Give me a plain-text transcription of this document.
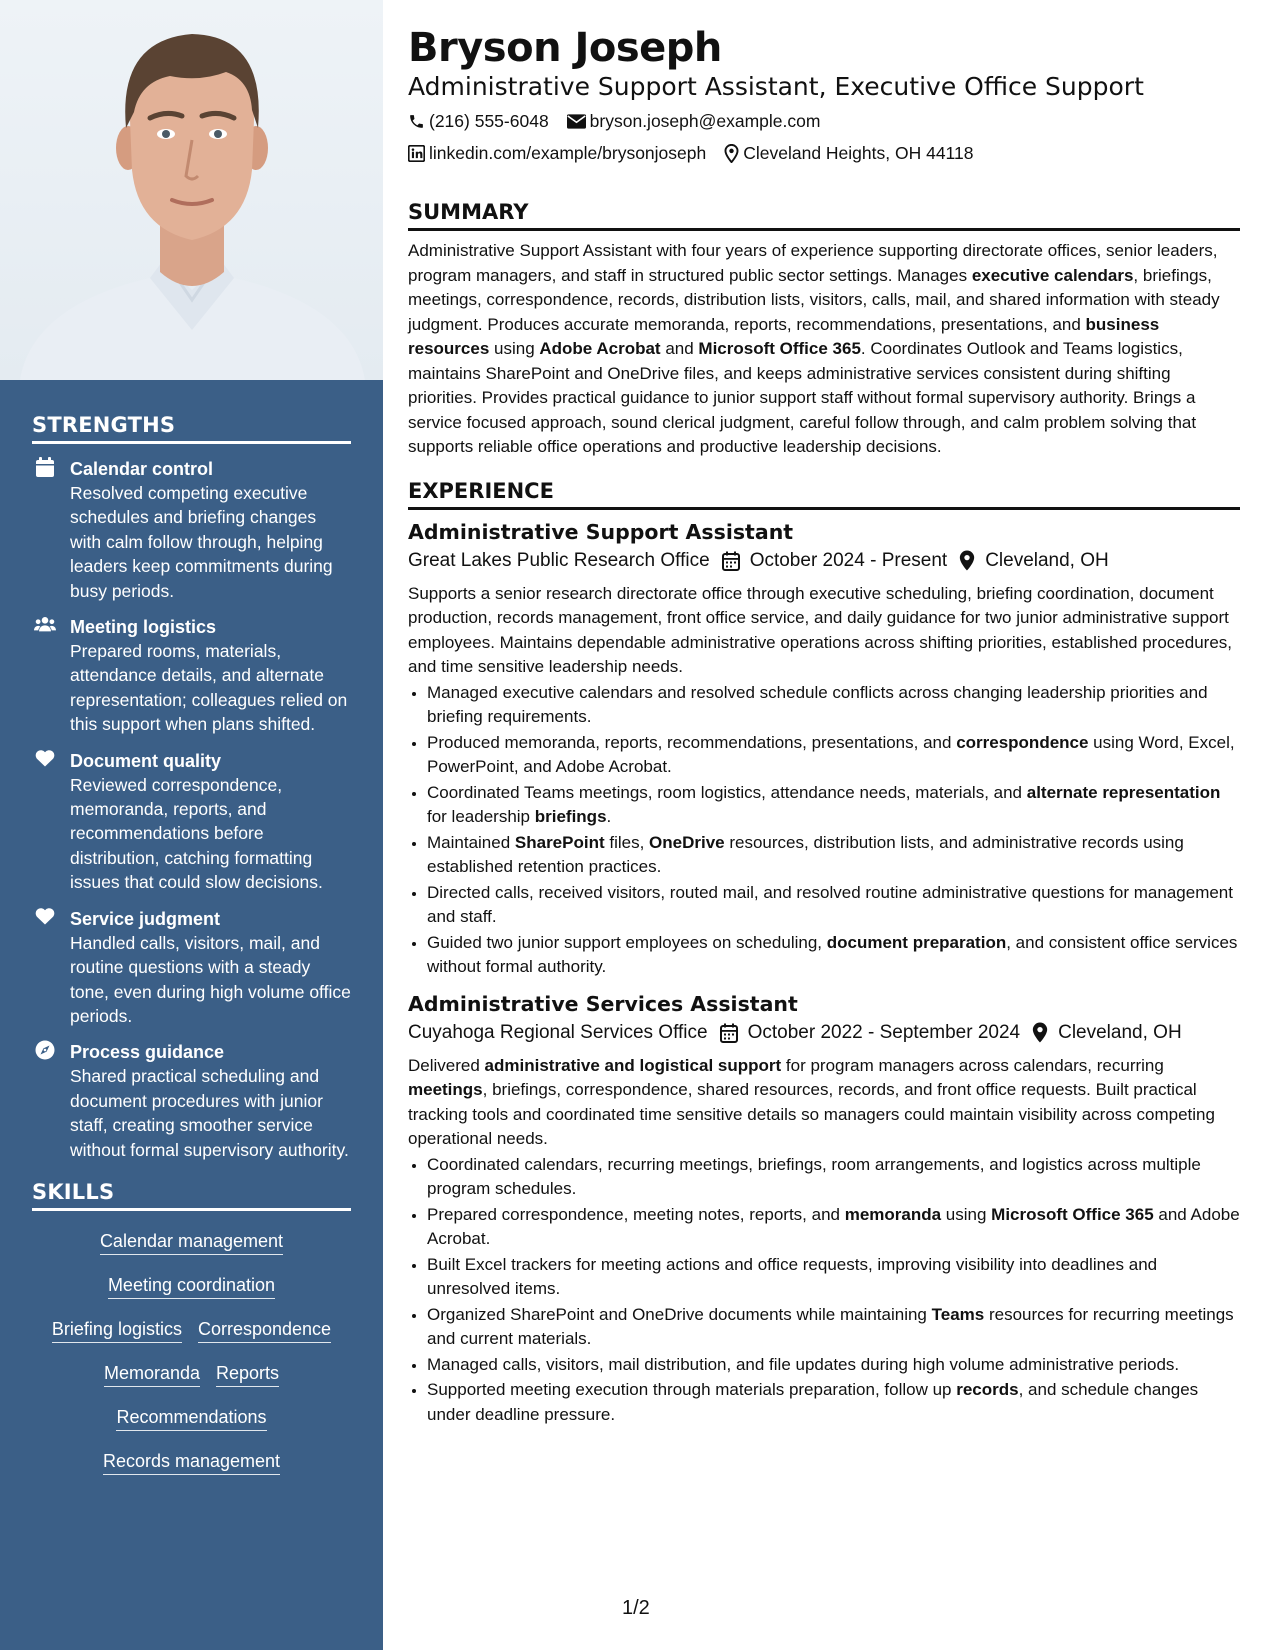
STRENGTHS
Calendar control
Resolved competing executive schedules and briefing changes with calm follow through, helping leaders keep commitments during busy periods.
Meeting logistics
Prepared rooms, materials, attendance details, and alternate representation; colleagues relied on this support when plans shifted.
Document quality
Reviewed correspondence, memoranda, reports, and recommendations before distribution, catching formatting issues that could slow decisions.
Service judgment
Handled calls, visitors, mail, and routine questions with a steady tone, even during high volume office periods.
Process guidance
Shared practical scheduling and document procedures with junior staff, creating smoother service without formal supervisory authority.
SKILLS
Calendar management
Meeting coordination
Briefing logistics Correspondence
Memoranda Reports
Recommendations
Records management
Bryson Joseph
Administrative Support Assistant, Executive Office Support
(216) 555-6048 bryson.joseph@example.com
linkedin.com/example/brysonjoseph Cleveland Heights, OH 44118
SUMMARY
Administrative Support Assistant with four years of experience supporting directorate offices, senior leaders, program managers, and staff in structured public sector settings. Manages executive calendars, briefings, meetings, correspondence, records, distribution lists, visitors, calls, mail, and shared information with steady judgment. Produces accurate memoranda, reports, recommendations, presentations, and business resources using Adobe Acrobat and Microsoft Office 365. Coordinates Outlook and Teams logistics, maintains SharePoint and OneDrive files, and keeps administrative services consistent during shifting priorities. Provides practical guidance to junior support staff without formal supervisory authority. Brings a service focused approach, sound clerical judgment, careful follow through, and calm problem solving that supports reliable office operations and productive leadership decisions.
EXPERIENCE
Administrative Support Assistant
Great Lakes Public Research Office October 2024 - Present Cleveland, OH
Supports a senior research directorate office through executive scheduling, briefing coordination, document production, records management, front office service, and daily guidance for two junior administrative support employees. Maintains dependable administrative operations across shifting priorities, established procedures, and time sensitive leadership needs.
• Managed executive calendars and resolved schedule conflicts across changing leadership priorities and briefing requirements.
• Produced memoranda, reports, recommendations, presentations, and correspondence using Word, Excel, PowerPoint, and Adobe Acrobat.
• Coordinated Teams meetings, room logistics, attendance needs, materials, and alternate representation for leadership briefings.
• Maintained SharePoint files, OneDrive resources, distribution lists, and administrative records using established retention practices.
• Directed calls, received visitors, routed mail, and resolved routine administrative questions for management and staff.
• Guided two junior support employees on scheduling, document preparation, and consistent office services without formal authority.
Administrative Services Assistant
Cuyahoga Regional Services Office October 2022 - September 2024 Cleveland, OH
Delivered administrative and logistical support for program managers across calendars, recurring meetings, briefings, correspondence, shared resources, records, and front office requests. Built practical tracking tools and coordinated time sensitive details so managers could maintain visibility across competing operational needs.
• Coordinated calendars, recurring meetings, briefings, room arrangements, and logistics across multiple program schedules.
• Prepared correspondence, meeting notes, reports, and memoranda using Microsoft Office 365 and Adobe Acrobat.
• Built Excel trackers for meeting actions and office requests, improving visibility into deadlines and unresolved items.
• Organized SharePoint and OneDrive documents while maintaining Teams resources for recurring meetings and current materials.
• Managed calls, visitors, mail distribution, and file updates during high volume administrative periods.
• Supported meeting execution through materials preparation, follow up records, and schedule changes under deadline pressure.
1/2
